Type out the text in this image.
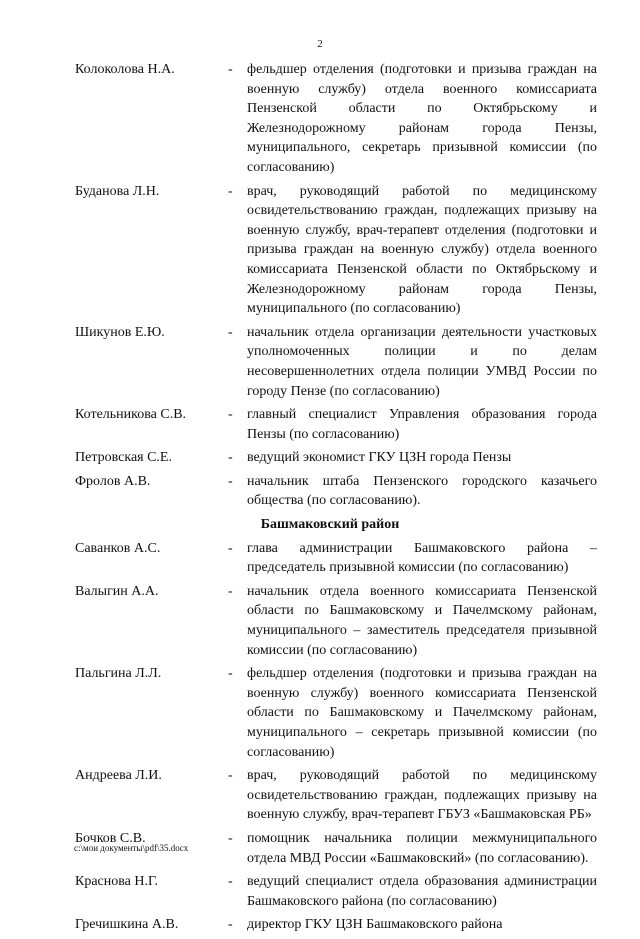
2
Колоколова Н.А.	- фельдшер отделения (подготовки и призыва граждан на военную службу) отдела военного комиссариата Пензенской области по Октябрьскому и Железнодорожному районам города Пензы, муниципального, секретарь призывной комиссии (по согласованию)
Буданова Л.Н.	- врач, руководящий работой по медицинскому освидетельствованию граждан, подлежащих призыву на военную службу, врач-терапевт отделения (подготовки и призыва граждан на военную службу) отдела военного комиссариата Пензенской области по Октябрьскому и Железнодорожному районам города Пензы, муниципального (по согласованию)
Шикунов Е.Ю.	- начальник отдела организации деятельности участковых уполномоченных полиции и по делам несовершеннолетних отдела полиции УМВД России по городу Пензе (по согласованию)
Котельникова С.В.	- главный специалист Управления образования города Пензы (по согласованию)
Петровская С.Е.	- ведущий экономист ГКУ ЦЗН города Пензы
Фролов А.В.	- начальник штаба Пензенского городского казачьего общества (по согласованию).
Башмаковский район
Саванков А.С.	- глава администрации Башмаковского района – председатель призывной комиссии (по согласованию)
Валыгин А.А.	- начальник отдела военного комиссариата Пензенской области по Башмаковскому и Пачелмскому районам, муниципального – заместитель председателя призывной комиссии (по согласованию)
Пальгина Л.Л.	- фельдшер отделения (подготовки и призыва граждан на военную службу) военного комиссариата Пензенской области по Башмаковскому и Пачелмскому районам, муниципального – секретарь призывной комиссии (по согласованию)
Андреева Л.И.	- врач, руководящий работой по медицинскому освидетельствованию граждан, подлежащих призыву на военную службу, врач-терапевт ГБУЗ «Башмаковская РБ»
Бочков С.В.	- помощник начальника полиции межмуниципального отдела МВД России «Башмаковский» (по согласованию).
Краснова Н.Г.	- ведущий специалист отдела образования администрации Башмаковского района (по согласованию)
Гречишкина А.В.	- директор ГКУ ЦЗН Башмаковского района
c:\мои документы\pdf\35.docx
